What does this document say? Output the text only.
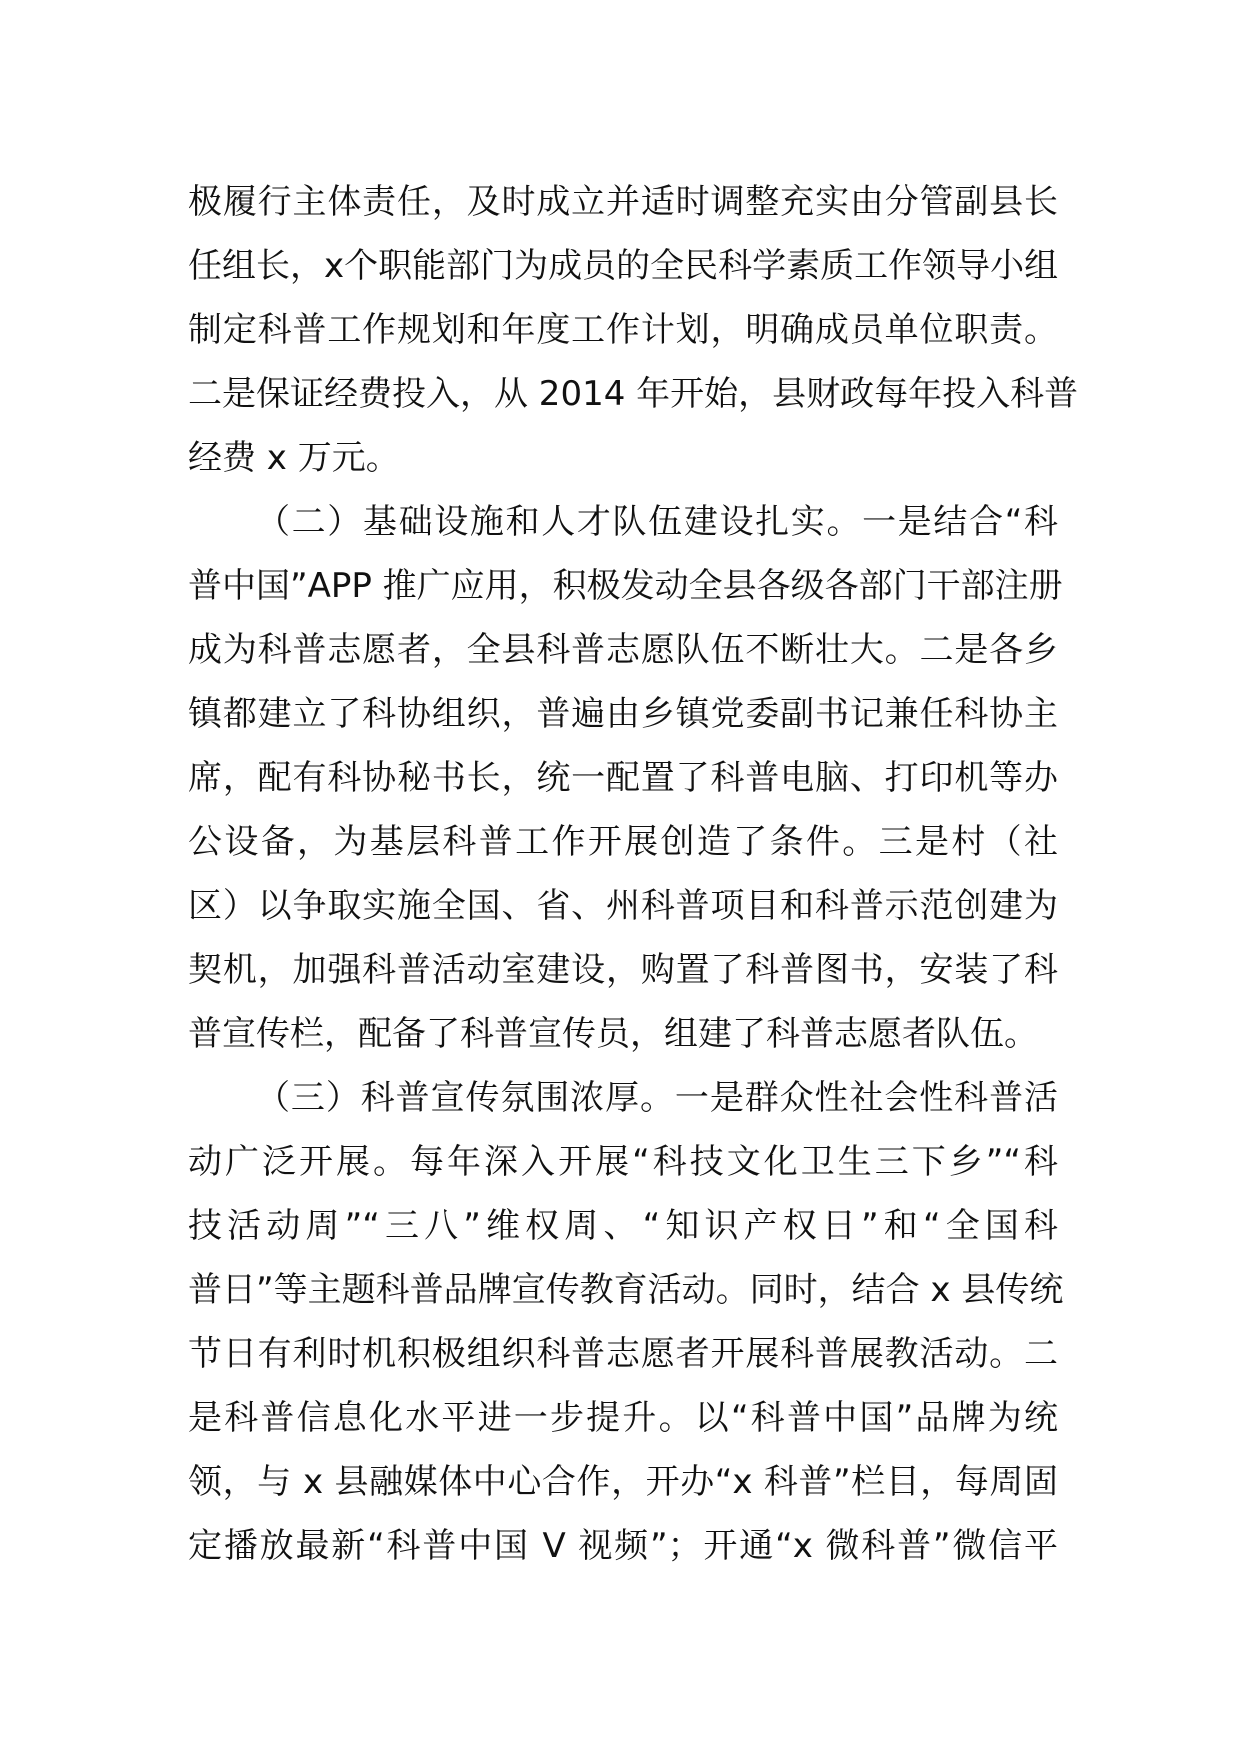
极履行主体责任，及时成立并适时调整充实由分管副县长
任组长，x个职能部门为成员的全民科学素质工作领导小组
制定科普工作规划和年度工作计划，明确成员单位职责。
二是保证经费投入，从 2014 年开始，县财政每年投入科普
经费 x 万元。
（二）基础设施和人才队伍建设扎实。一是结合“科
普中国”APP 推广应用，积极发动全县各级各部门干部注册
成为科普志愿者，全县科普志愿队伍不断壮大。二是各乡
镇都建立了科协组织，普遍由乡镇党委副书记兼任科协主
席，配有科协秘书长，统一配置了科普电脑、打印机等办
公设备，为基层科普工作开展创造了条件。三是村（社
区）以争取实施全国、省、州科普项目和科普示范创建为
契机，加强科普活动室建设，购置了科普图书，安装了科
普宣传栏，配备了科普宣传员，组建了科普志愿者队伍。
（三）科普宣传氛围浓厚。一是群众性社会性科普活
动广泛开展。每年深入开展“科技文化卫生三下乡”“科
技活动周”“三八”维权周、“知识产权日”和“全国科
普日”等主题科普品牌宣传教育活动。同时，结合 x 县传统
节日有利时机积极组织科普志愿者开展科普展教活动。二
是科普信息化水平进一步提升。以“科普中国”品牌为统
领，与 x 县融媒体中心合作，开办“x 科普”栏目，每周固
定播放最新“科普中国 V 视频”；开通“x 微科普”微信平
